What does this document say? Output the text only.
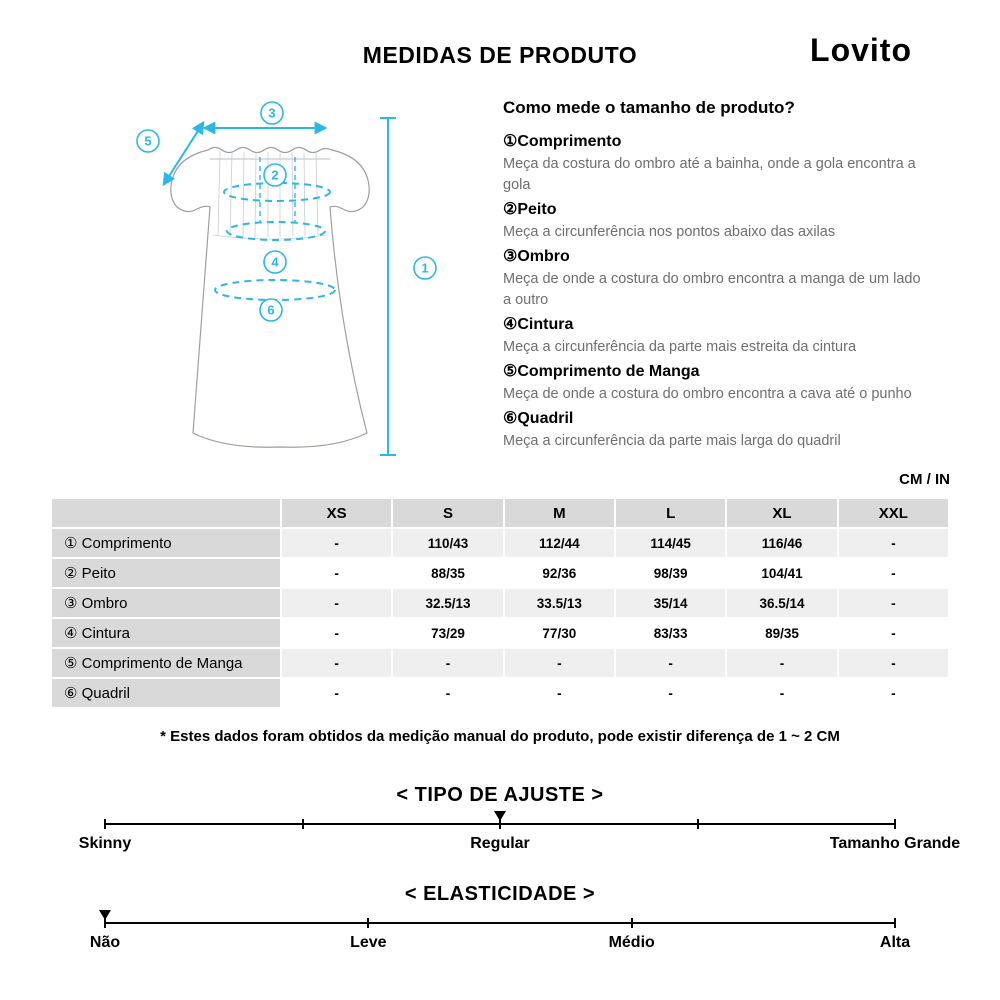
MEDIDAS DE PRODUTO	Lovito
3
5
2
4
6
1
Como mede o tamanho de produto?
①Comprimento
Meça da costura do ombro até a bainha, onde a gola encontra a gola
②Peito
Meça a circunferência nos pontos abaixo das axilas
③Ombro
Meça de onde a costura do ombro encontra a manga de um lado a outro
④Cintura
Meça a circunferência da parte mais estreita da cintura
⑤Comprimento de Manga
Meça de onde a costura do ombro encontra a cava até o punho
⑥Quadril
Meça a circunferência da parte mais larga do quadril
CM / IN
	XS	S	M	L	XL	XXL
① Comprimento	-	110/43	112/44	114/45	116/46	-
② Peito	-	88/35	92/36	98/39	104/41	-
③ Ombro	-	32.5/13	33.5/13	35/14	36.5/14	-
④ Cintura	-	73/29	77/30	83/33	89/35	-
⑤ Comprimento de Manga	-	-	-	-	-	-
⑥ Quadril	-	-	-	-	-	-
* Estes dados foram obtidos da medição manual do produto, pode existir diferença de 1 ~ 2 CM
< TIPO DE AJUSTE >
Skinny	Regular	Tamanho Grande
< ELASTICIDADE >
Não	Leve	Médio	Alta
